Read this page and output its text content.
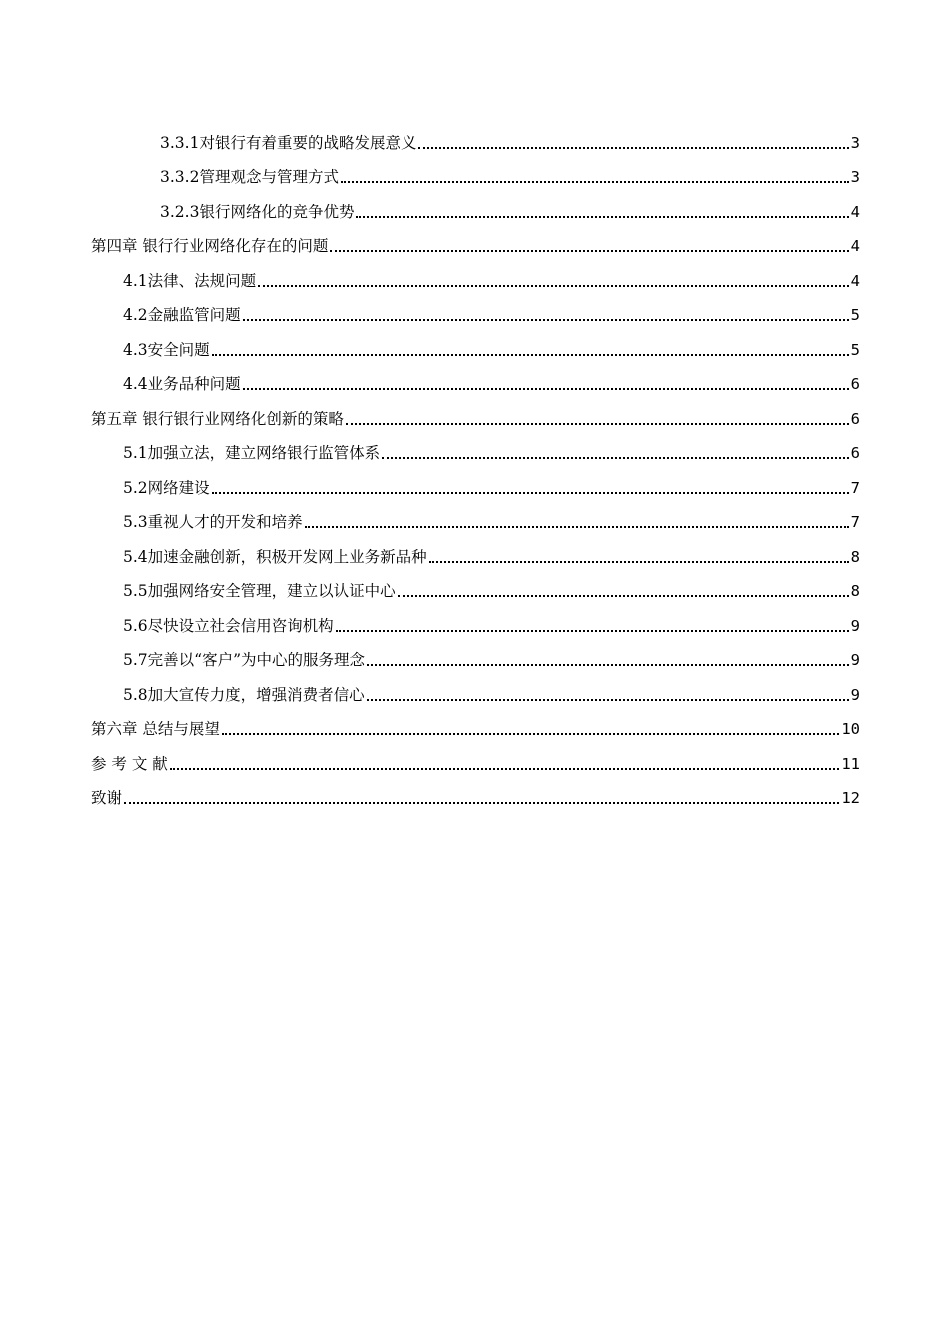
3.3.1对银行有着重要的战略发展意义	3
3.3.2管理观念与管理方式	3
3.2.3银行网络化的竞争优势	4
第四章 银行行业网络化存在的问题	4
4.1法律、法规问题	4
4.2金融监管问题	5
4.3安全问题	5
4.4业务品种问题	6
第五章 银行银行业网络化创新的策略	6
5.1加强立法，建立网络银行监管体系	6
5.2网络建设	7
5.3重视人才的开发和培养	7
5.4加速金融创新，积极开发网上业务新品种	8
5.5加强网络安全管理，建立以认证中心	8
5.6尽快设立社会信用咨询机构	9
5.7完善以“客户”为中心的服务理念	9
5.8加大宣传力度，增强消费者信心	9
第六章 总结与展望	10
参 考 文 献	11
致谢	12
